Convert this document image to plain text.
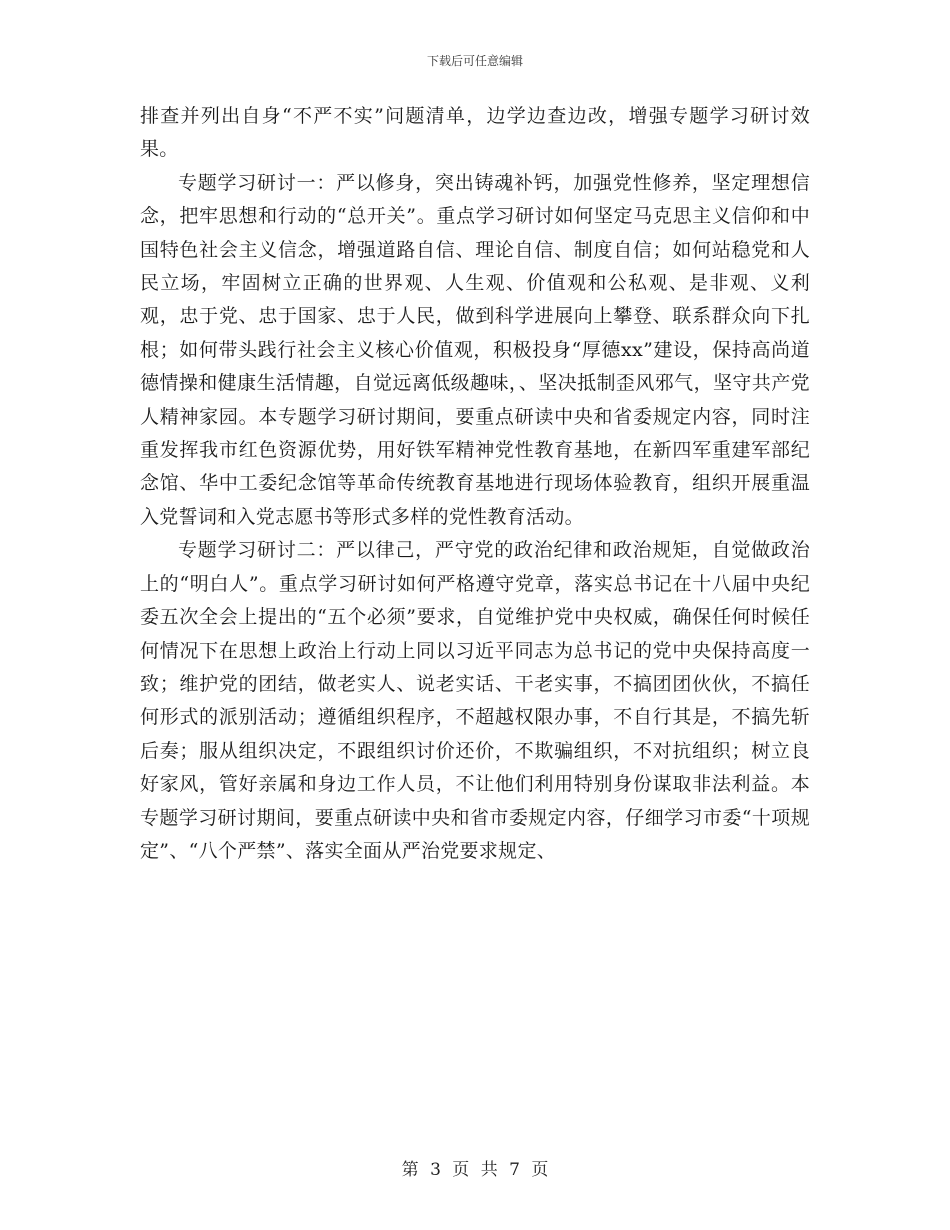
下载后可任意编辑

排查并列出自身“不严不实”问题清单，边学边查边改，增强专题学习研讨效果。

专题学习研讨一：严以修身，突出铸魂补钙，加强党性修养，坚定理想信念，把牢思想和行动的“总开关”。重点学习研讨如何坚定马克思主义信仰和中国特色社会主义信念，增强道路自信、理论自信、制度自信；如何站稳党和人民立场，牢固树立正确的世界观、人生观、价值观和公私观、是非观、义利观，忠于党、忠于国家、忠于人民，做到科学进展向上攀登、联系群众向下扎根；如何带头践行社会主义核心价值观，积极投身“厚德xx”建设，保持高尚道德情操和健康生活情趣，自觉远离低级趣味，、坚决抵制歪风邪气，坚守共产党人精神家园。本专题学习研讨期间，要重点研读中央和省委规定内容，同时注重发挥我市红色资源优势，用好铁军精神党性教育基地，在新四军重建军部纪念馆、华中工委纪念馆等革命传统教育基地进行现场体验教育，组织开展重温入党誓词和入党志愿书等形式多样的党性教育活动。

专题学习研讨二：严以律己，严守党的政治纪律和政治规矩，自觉做政治上的“明白人”。重点学习研讨如何严格遵守党章，落实总书记在十八届中央纪委五次全会上提出的“五个必须”要求，自觉维护党中央权威，确保任何时候任何情况下在思想上政治上行动上同以习近平同志为总书记的党中央保持高度一致；维护党的团结，做老实人、说老实话、干老实事，不搞团团伙伙，不搞任何形式的派别活动；遵循组织程序，不超越权限办事，不自行其是，不搞先斩后奏；服从组织决定，不跟组织讨价还价，不欺骗组织，不对抗组织；树立良好家风，管好亲属和身边工作人员，不让他们利用特别身份谋取非法利益。本专题学习研讨期间，要重点研读中央和省市委规定内容，仔细学习市委“十项规定”、“八个严禁”、落实全面从严治党要求规定、

第 3 页 共 7 页
